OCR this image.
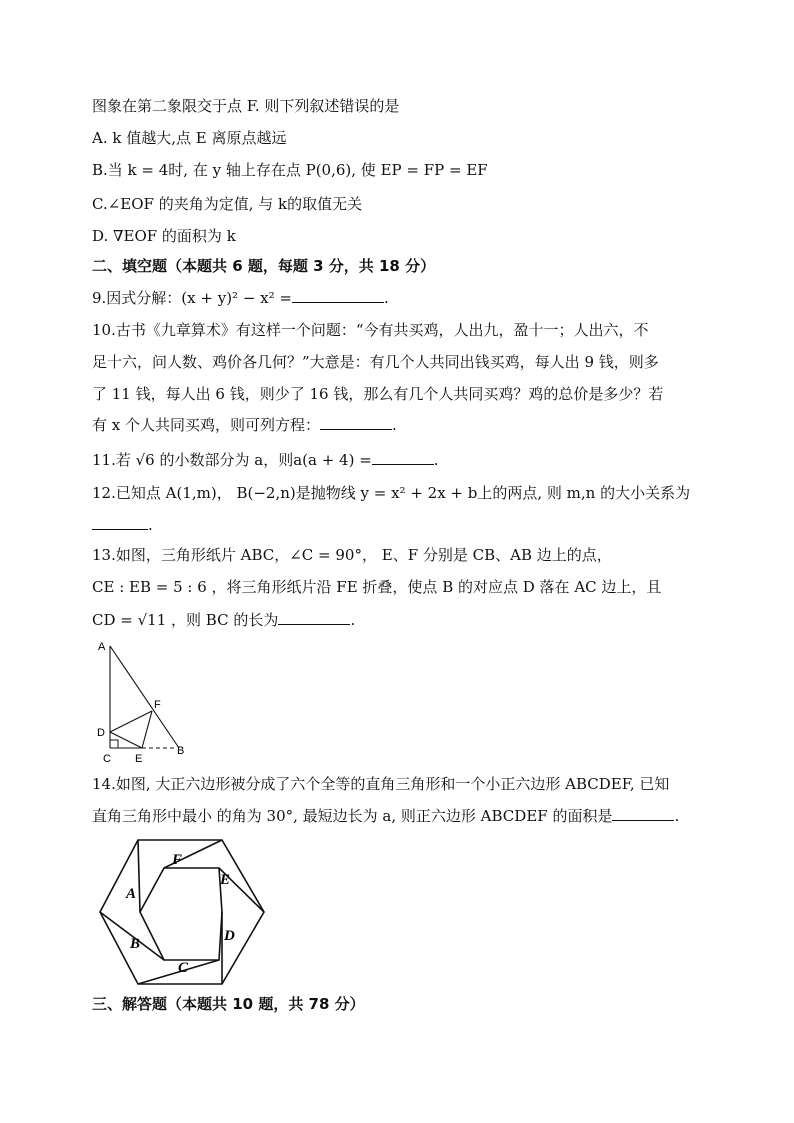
图象在第二象限交于点 F. 则下列叙述错误的是
A. k 值越大,点 E 离原点越远
B.当 k = 4时, 在 y 轴上存在点 P(0,6), 使 EP = FP = EF
C.∠EOF 的夹角为定值, 与 k的取值无关
D. ∇EOF 的面积为 k
二、填空题（本题共 6 题，每题 3 分，共 18 分）
9.因式分解：(x + y)² − x² =	.
10.古书《九章算术》有这样一个问题：“今有共买鸡，人出九，盈十一；人出六，不
足十六，问人数、鸡价各几何？”大意是：有几个人共同出钱买鸡，每人出 9 钱，则多
了 11 钱，每人出 6 钱，则少了 16 钱，那么有几个人共同买鸡？鸡的总价是多少？若
有 x 个人共同买鸡，则可列方程：	.
11.若 √6 的小数部分为 a，则a(a + 4) =	.
12.已知点 A(1,m)， B(−2,n)是抛物线 y = x² + 2x + b上的两点, 则 m,n 的大小关系为
.
13.如图，三角形纸片 ABC，∠C = 90°， E、F 分别是 CB、AB 边上的点，
CE : EB = 5 : 6 ，将三角形纸片沿 FE 折叠，使点 B 的对应点 D 落在 AC 边上，且
CD = √11 ，则 BC 的长为	.
A
F
D
C E
B
14.如图, 大正六边形被分成了六个全等的直角三角形和一个小正六边形 ABCDEF, 已知
直角三角形中最小 的角为 30°, 最短边长为 a, 则正六边形 ABCDEF 的面积是	.
F
E
A
D
B
C
三、解答题（本题共 10 题，共 78 分）
